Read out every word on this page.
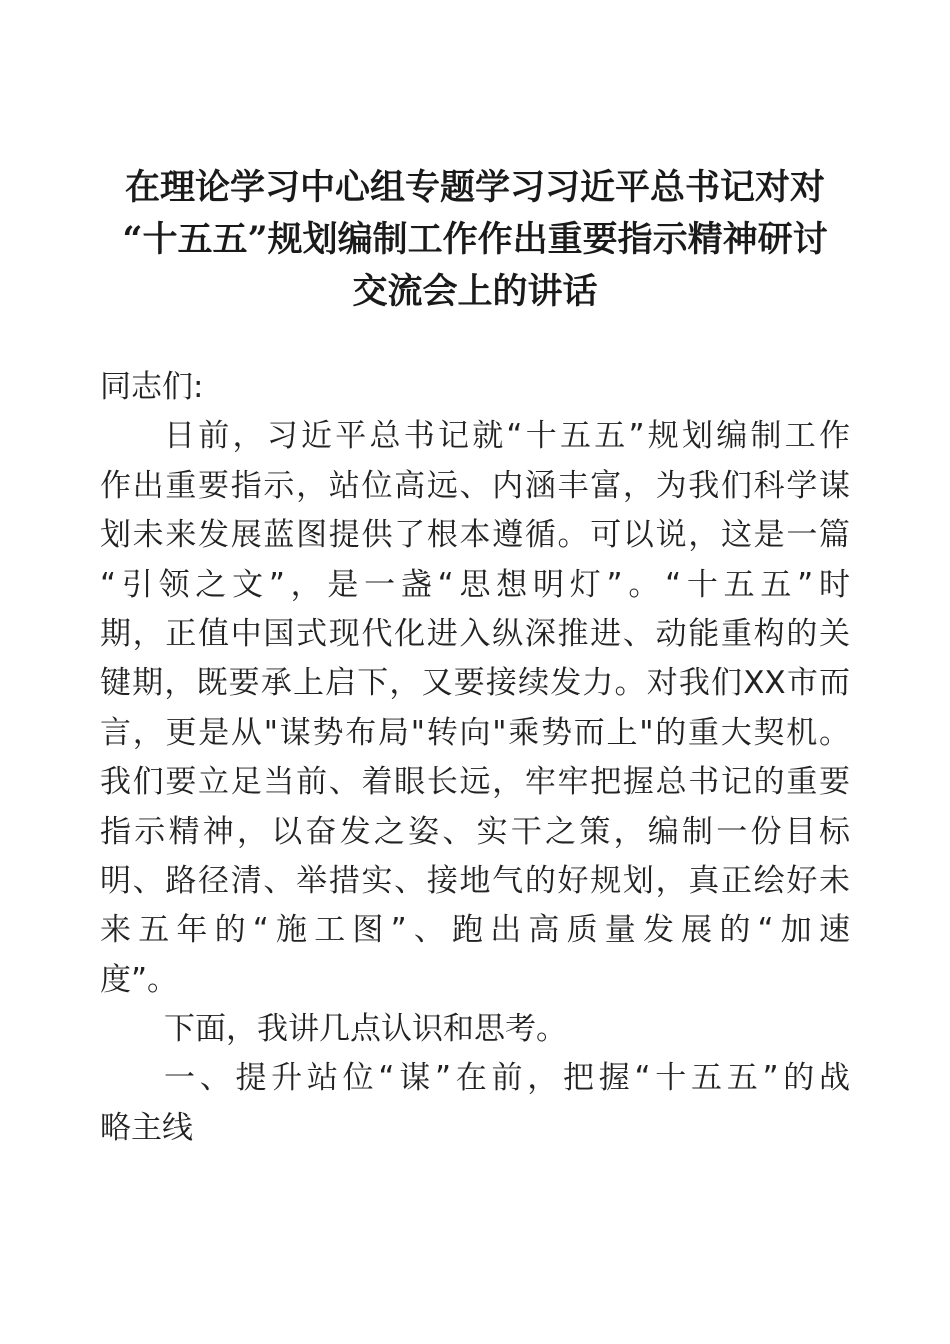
在理论学习中心组专题学习习近平总书记对对
“十五五”规划编制工作作出重要指示精神研讨
交流会上的讲话
同志们:
日前，习近平总书记就“十五五”规划编制工作
作出重要指示，站位高远、内涵丰富，为我们科学谋
划未来发展蓝图提供了根本遵循。可以说，这是一篇
“引领之文”，是一盏“思想明灯”。“十五五”时
期，正值中国式现代化进入纵深推进、动能重构的关
键期，既要承上启下，又要接续发力。对我们XX市而
言，更是从"谋势布局"转向"乘势而上"的重大契机。
我们要立足当前、着眼长远，牢牢把握总书记的重要
指示精神，以奋发之姿、实干之策，编制一份目标
明、路径清、举措实、接地气的好规划，真正绘好未
来五年的“施工图”、跑出高质量发展的“加速
度”。
下面，我讲几点认识和思考。
一、提升站位“谋”在前，把握“十五五”的战
略主线
